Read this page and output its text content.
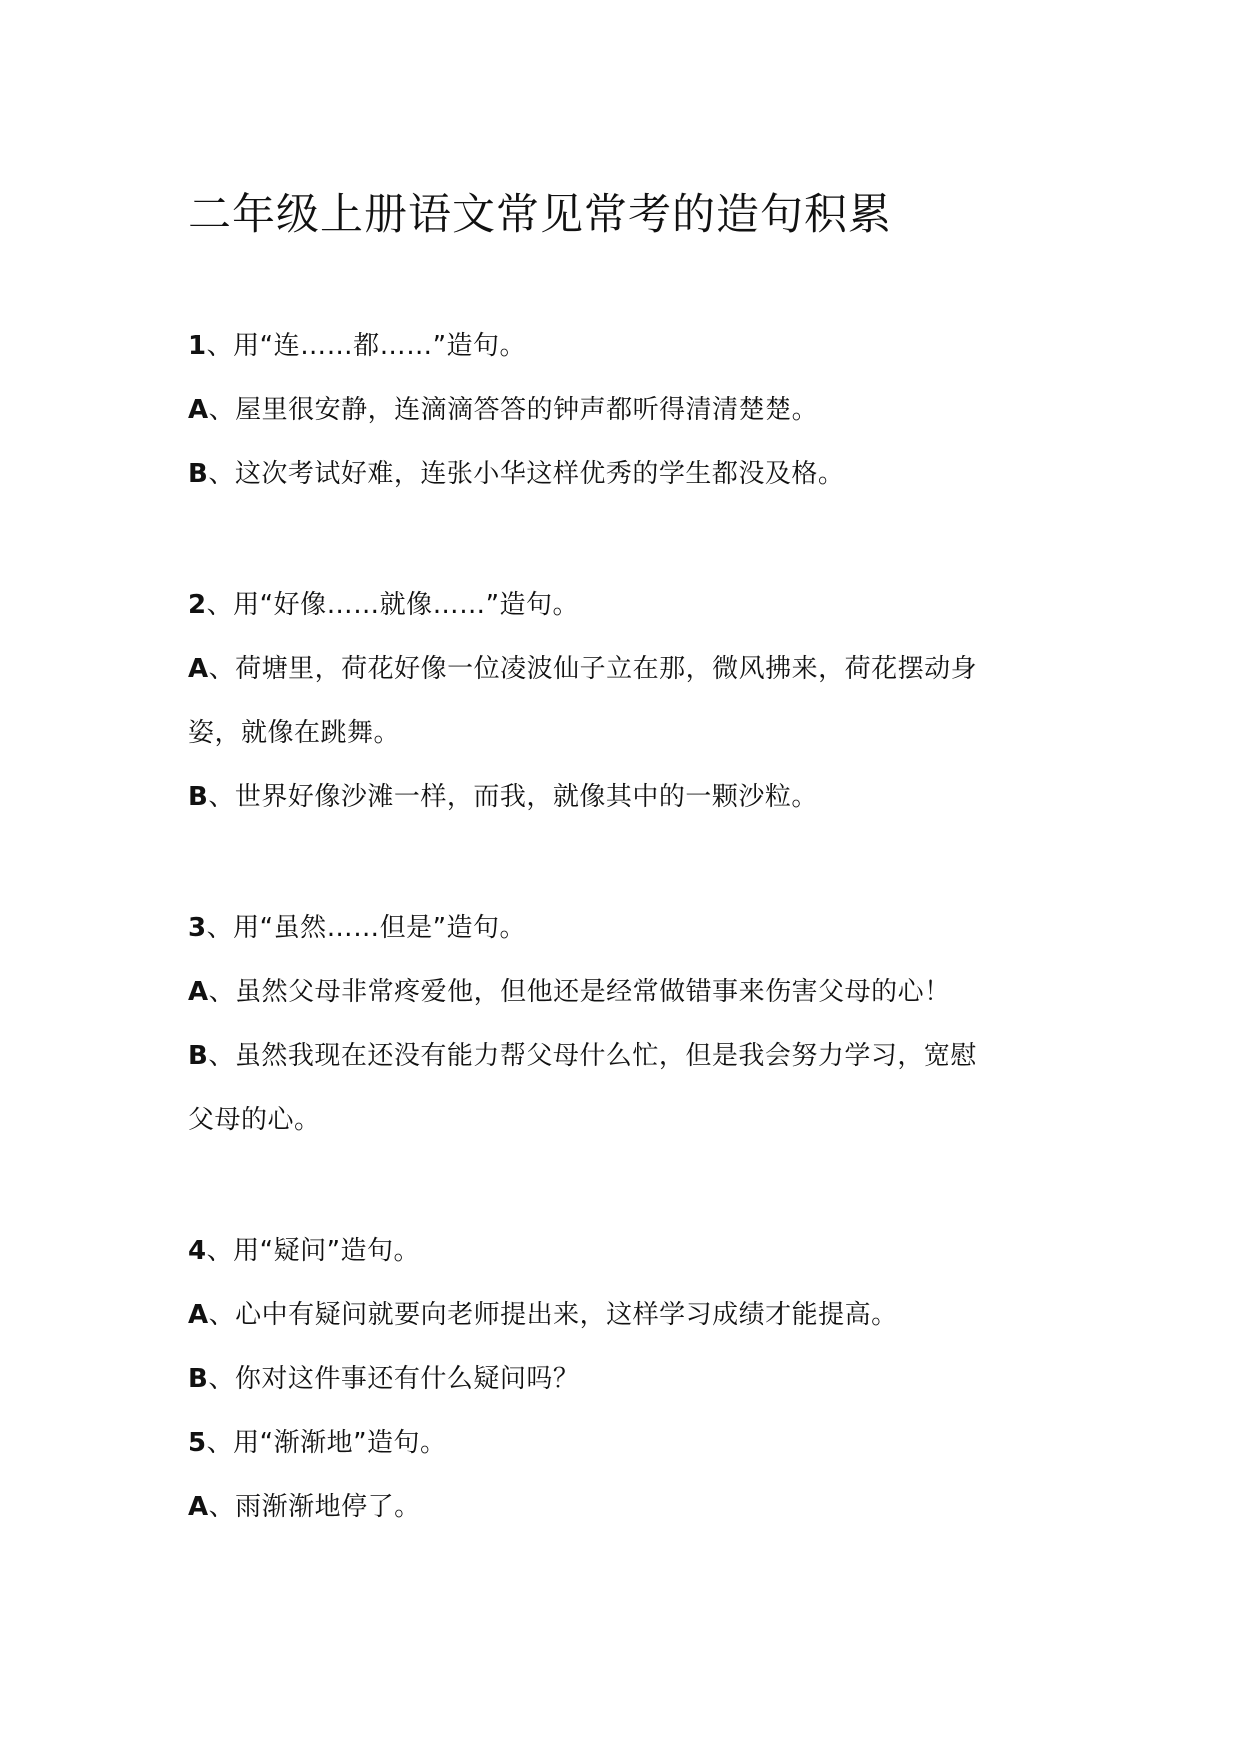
二年级上册语文常见常考的造句积累
1、用“连……都……”造句。
A、屋里很安静，连滴滴答答的钟声都听得清清楚楚。
B、这次考试好难，连张小华这样优秀的学生都没及格。
2、用“好像……就像……”造句。
A、荷塘里，荷花好像一位凌波仙子立在那，微风拂来，荷花摆动身
姿，就像在跳舞。
B、世界好像沙滩一样，而我，就像其中的一颗沙粒。
3、用“虽然……但是”造句。
A、虽然父母非常疼爱他，但他还是经常做错事来伤害父母的心！
B、虽然我现在还没有能力帮父母什么忙，但是我会努力学习，宽慰
父母的心。
4、用“疑问”造句。
A、心中有疑问就要向老师提出来，这样学习成绩才能提高。
B、你对这件事还有什么疑问吗？
5、用“渐渐地”造句。
A、雨渐渐地停了。
